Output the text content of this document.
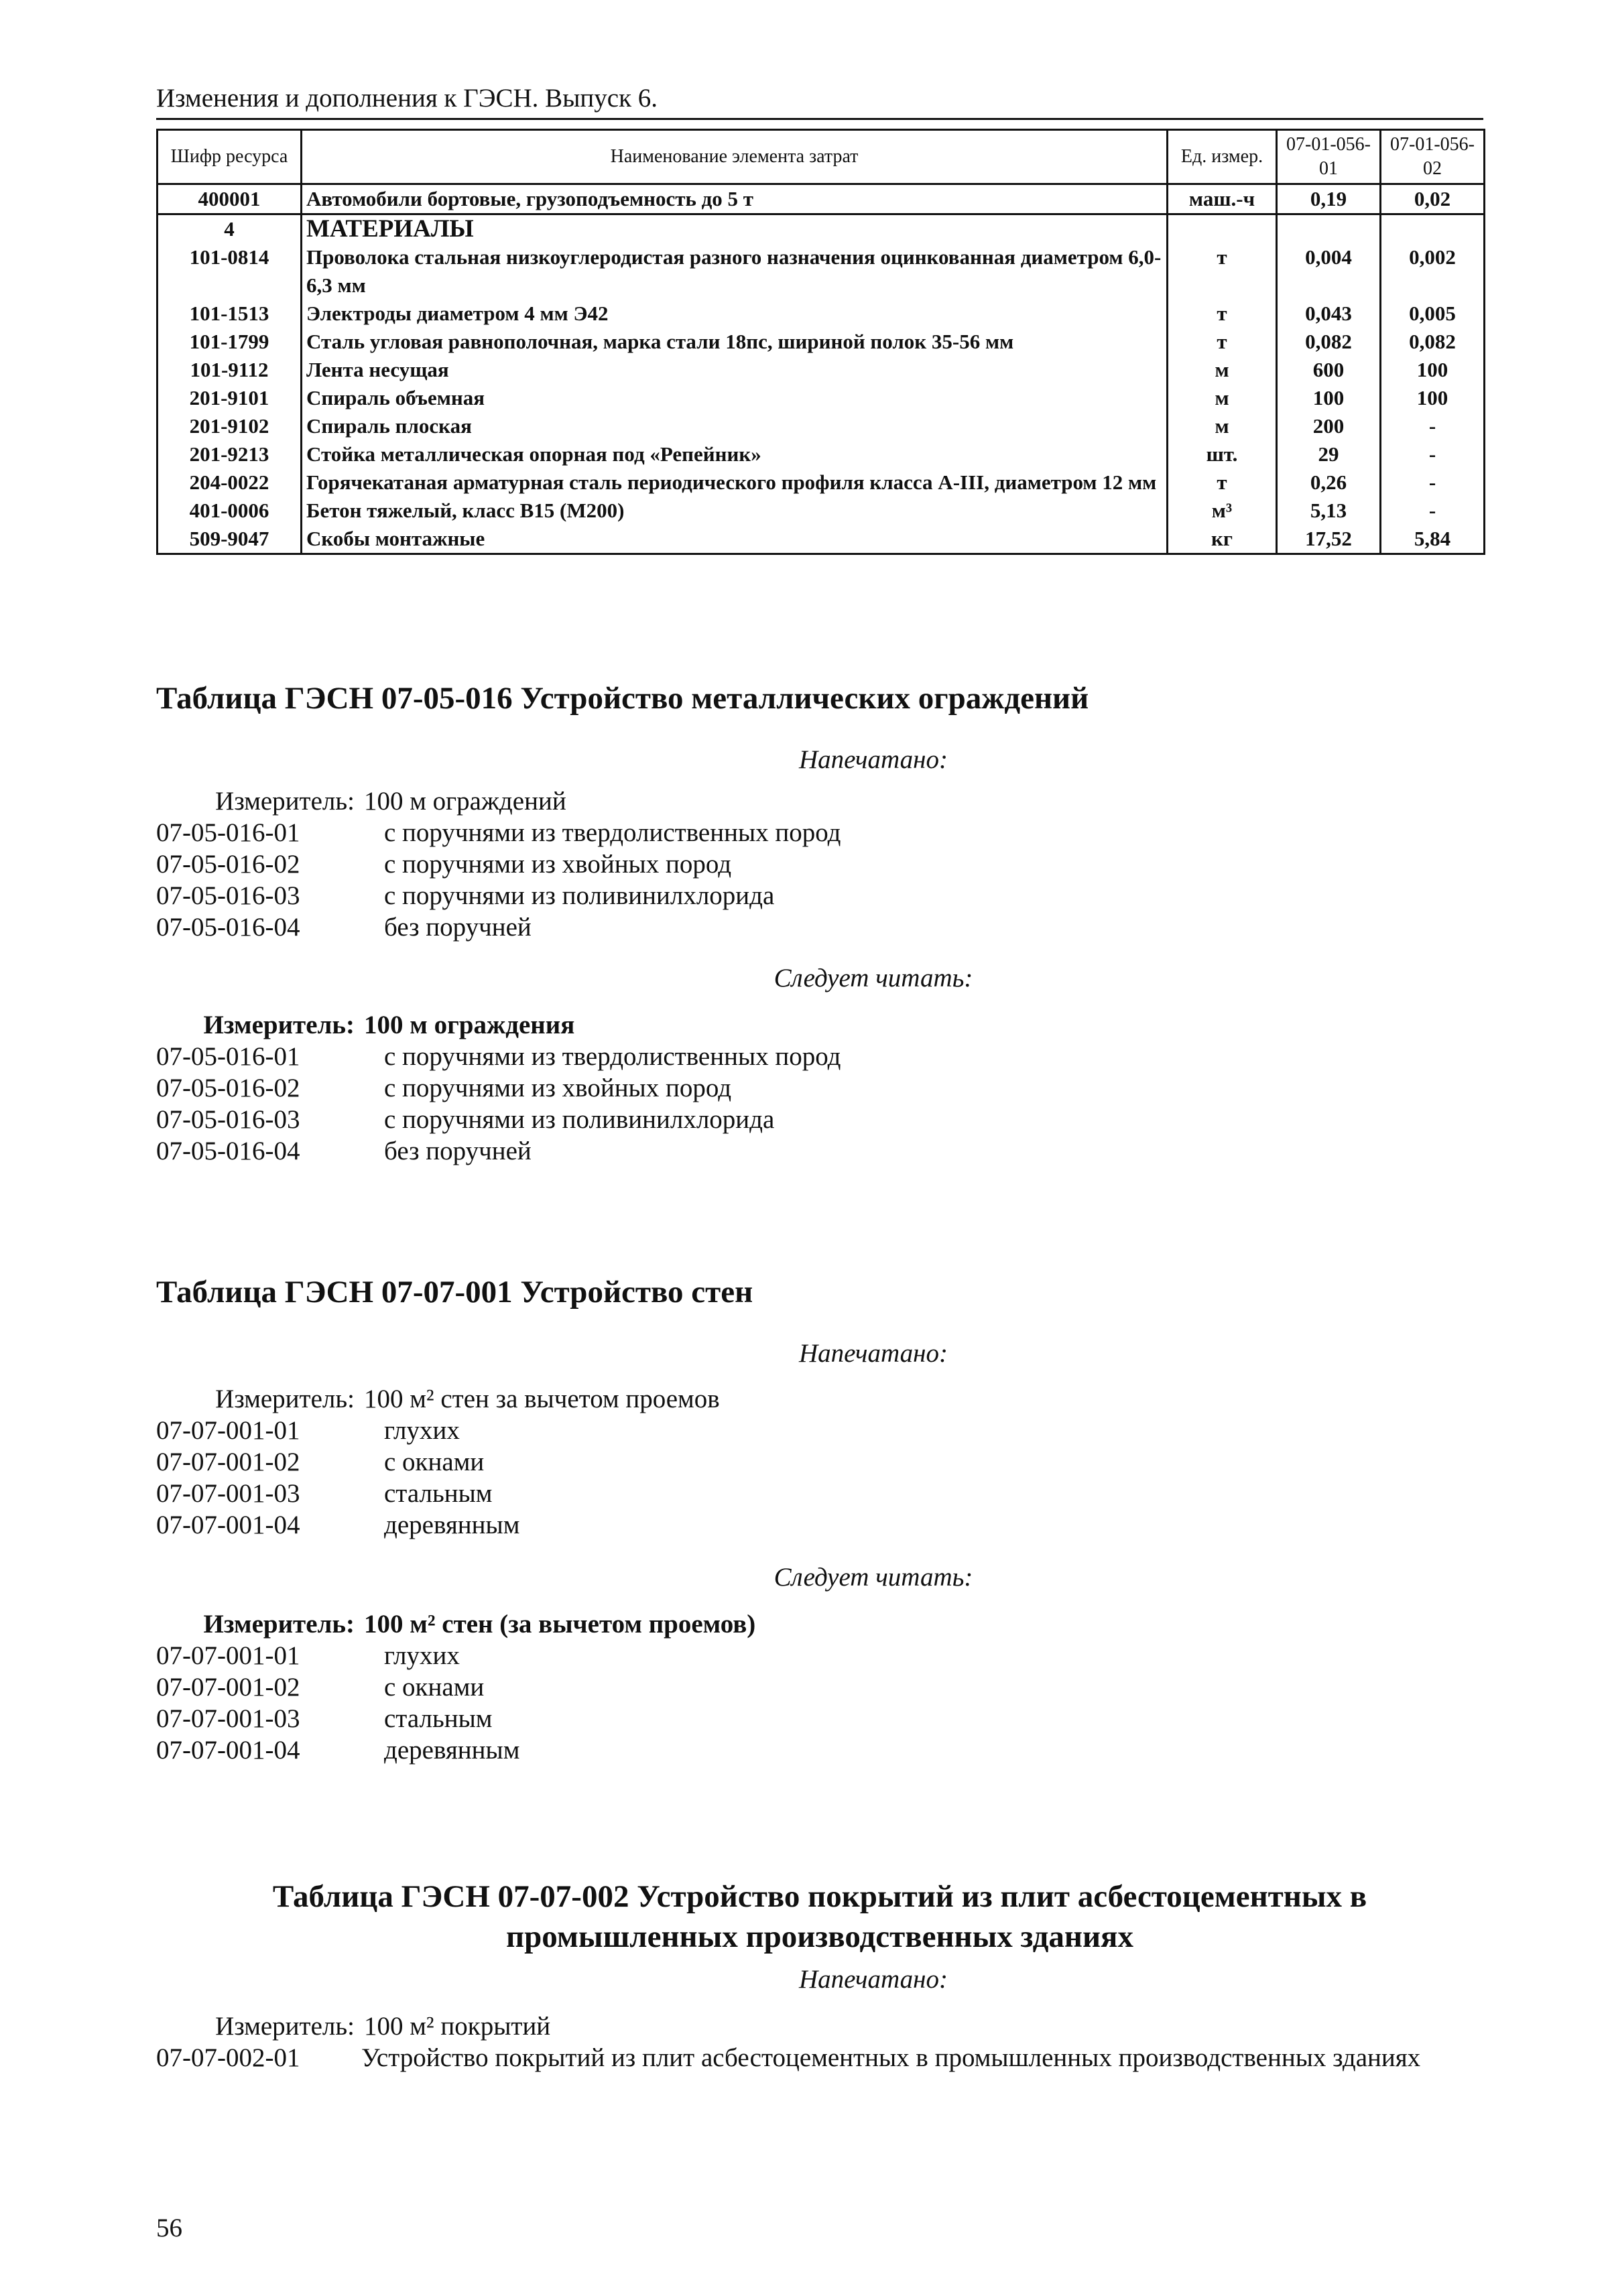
Изменения и дополнения к ГЭСН. Выпуск 6.
Шифр ресурса	Наименование элемента затрат	Ед. измер.	07-01-056-01	07-01-056-02
400001	Автомобили бортовые, грузоподъемность до 5 т	маш.-ч	0,19	0,02
4	МАТЕРИАЛЫ			
101-0814	Проволока стальная низкоуглеродистая разного назначения оцинкованная диаметром 6,0-6,3 мм	т	0,004	0,002
101-1513	Электроды диаметром 4 мм Э42	т	0,043	0,005
101-1799	Сталь угловая равнополочная, марка стали 18пс, шириной полок 35-56 мм	т	0,082	0,082
101-9112	Лента несущая	м	600	100
201-9101	Спираль объемная	м	100	100
201-9102	Спираль плоская	м	200	-
201-9213	Стойка металлическая опорная под «Репейник»	шт.	29	-
204-0022	Горячекатаная арматурная сталь периодического профиля класса А-III, диаметром 12 мм	т	0,26	-
401-0006	Бетон тяжелый, класс В15 (М200)	м³	5,13	-
509-9047	Скобы монтажные	кг	17,52	5,84
Таблица ГЭСН 07-05-016 Устройство металлических ограждений
Напечатано:
Измеритель: 100 м ограждений
07-05-016-01	с поручнями из твердолиственных пород
07-05-016-02	с поручнями из хвойных пород
07-05-016-03	с поручнями из поливинилхлорида
07-05-016-04	без поручней
Следует читать:
Измеритель: 100 м ограждения
07-05-016-01	с поручнями из твердолиственных пород
07-05-016-02	с поручнями из хвойных пород
07-05-016-03	с поручнями из поливинилхлорида
07-05-016-04	без поручней
Таблица ГЭСН 07-07-001 Устройство стен
Напечатано:
Измеритель: 100 м² стен за вычетом проемов
07-07-001-01	глухих
07-07-001-02	с окнами
07-07-001-03	стальным
07-07-001-04	деревянным
Следует читать:
Измеритель: 100 м² стен (за вычетом проемов)
07-07-001-01	глухих
07-07-001-02	с окнами
07-07-001-03	стальным
07-07-001-04	деревянным
Таблица ГЭСН 07-07-002 Устройство покрытий из плит асбестоцементных в промышленных производственных зданиях
Напечатано:
Измеритель: 100 м² покрытий
07-07-002-01	Устройство покрытий из плит асбестоцементных в промышленных производственных зданиях
56
